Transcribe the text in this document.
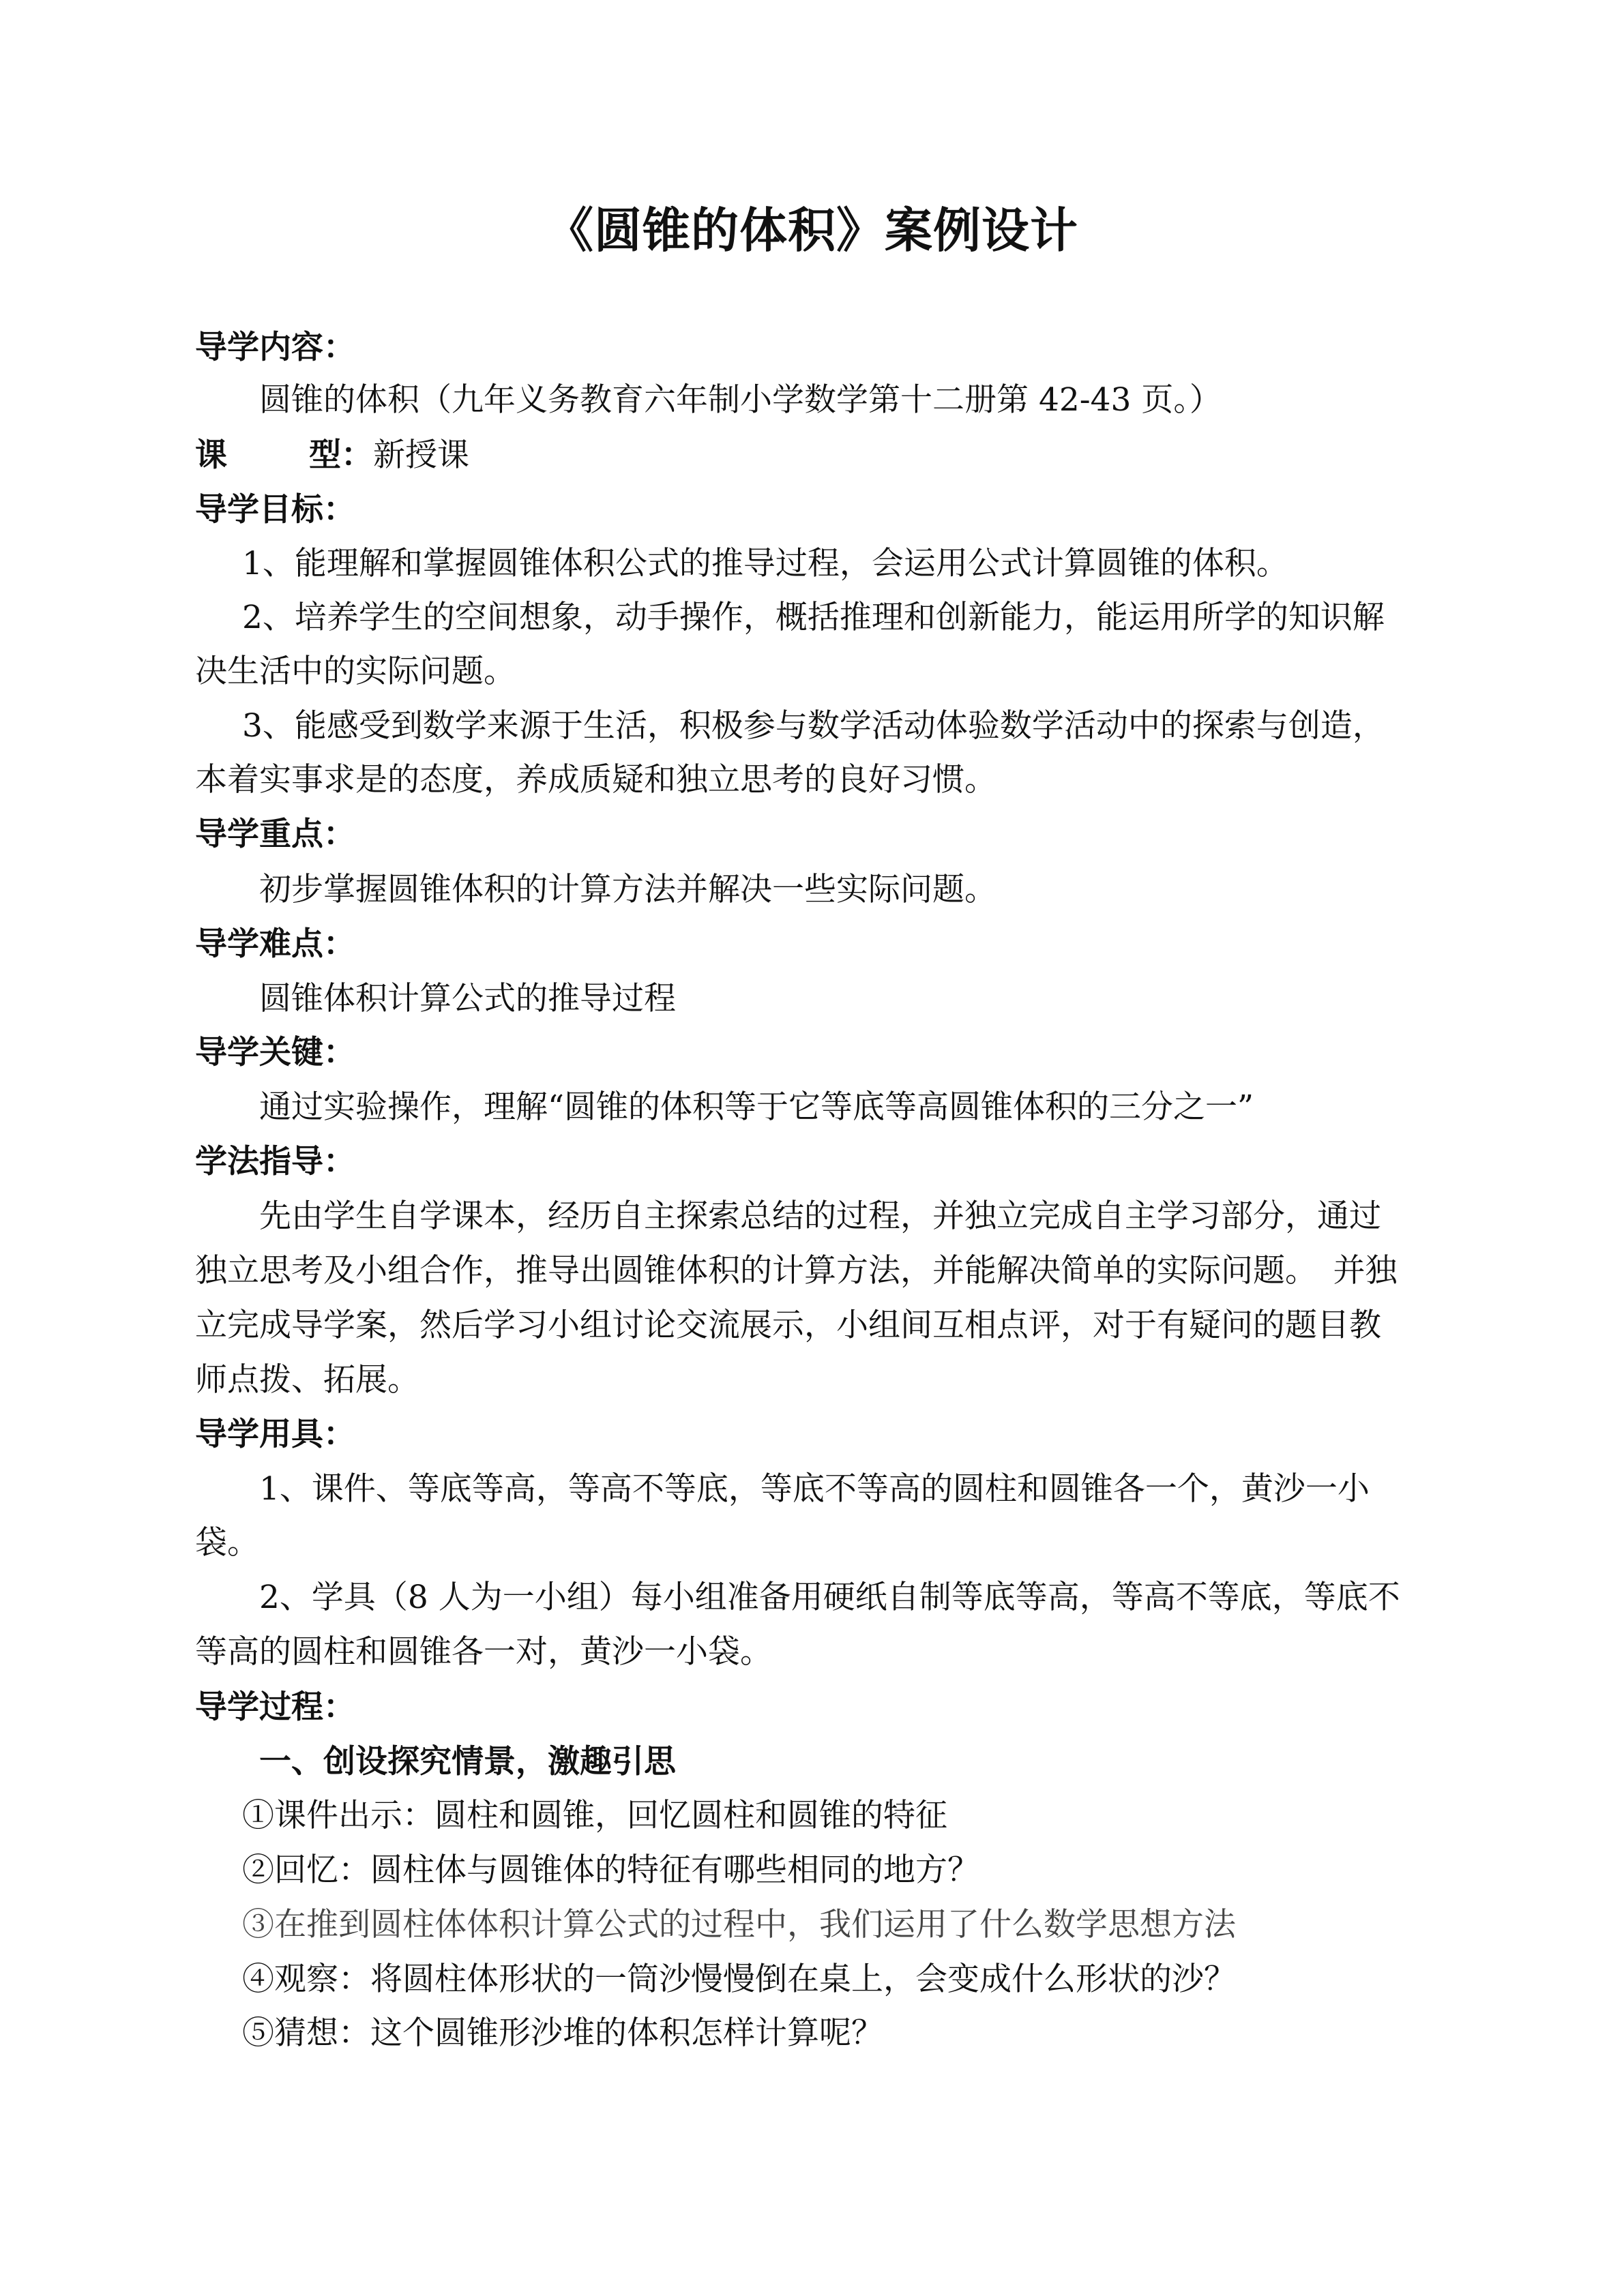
《圆锥的体积》案例设计
导学内容：
圆锥的体积（九年义务教育六年制小学数学第十二册第 42-43 页。）
课	型：新授课
导学目标：
1、能理解和掌握圆锥体积公式的推导过程，会运用公式计算圆锥的体积。
2、培养学生的空间想象，动手操作，概括推理和创新能力，能运用所学的知识解
决生活中的实际问题。
3、能感受到数学来源于生活，积极参与数学活动体验数学活动中的探索与创造，
本着实事求是的态度，养成质疑和独立思考的良好习惯。
导学重点：
初步掌握圆锥体积的计算方法并解决一些实际问题。
导学难点：
圆锥体积计算公式的推导过程
导学关键：
通过实验操作，理解“圆锥的体积等于它等底等高圆锥体积的三分之一”
学法指导：
先由学生自学课本，经历自主探索总结的过程，并独立完成自主学习部分，通过
独立思考及小组合作，推导出圆锥体积的计算方法，并能解决简单的实际问题。　并独
立完成导学案，然后学习小组讨论交流展示，小组间互相点评，对于有疑问的题目教
师点拨、拓展。
导学用具：
1、课件、等底等高，等高不等底，等底不等高的圆柱和圆锥各一个，黄沙一小
袋。
2、学具（8 人为一小组）每小组准备用硬纸自制等底等高，等高不等底，等底不
等高的圆柱和圆锥各一对，黄沙一小袋。
导学过程：
一、创设探究情景，激趣引思
①课件出示：圆柱和圆锥，回忆圆柱和圆锥的特征
②回忆：圆柱体与圆锥体的特征有哪些相同的地方？
③在推到圆柱体体积计算公式的过程中，我们运用了什么数学思想方法
④观察：将圆柱体形状的一筒沙慢慢倒在桌上，会变成什么形状的沙？
⑤猜想：这个圆锥形沙堆的体积怎样计算呢？
